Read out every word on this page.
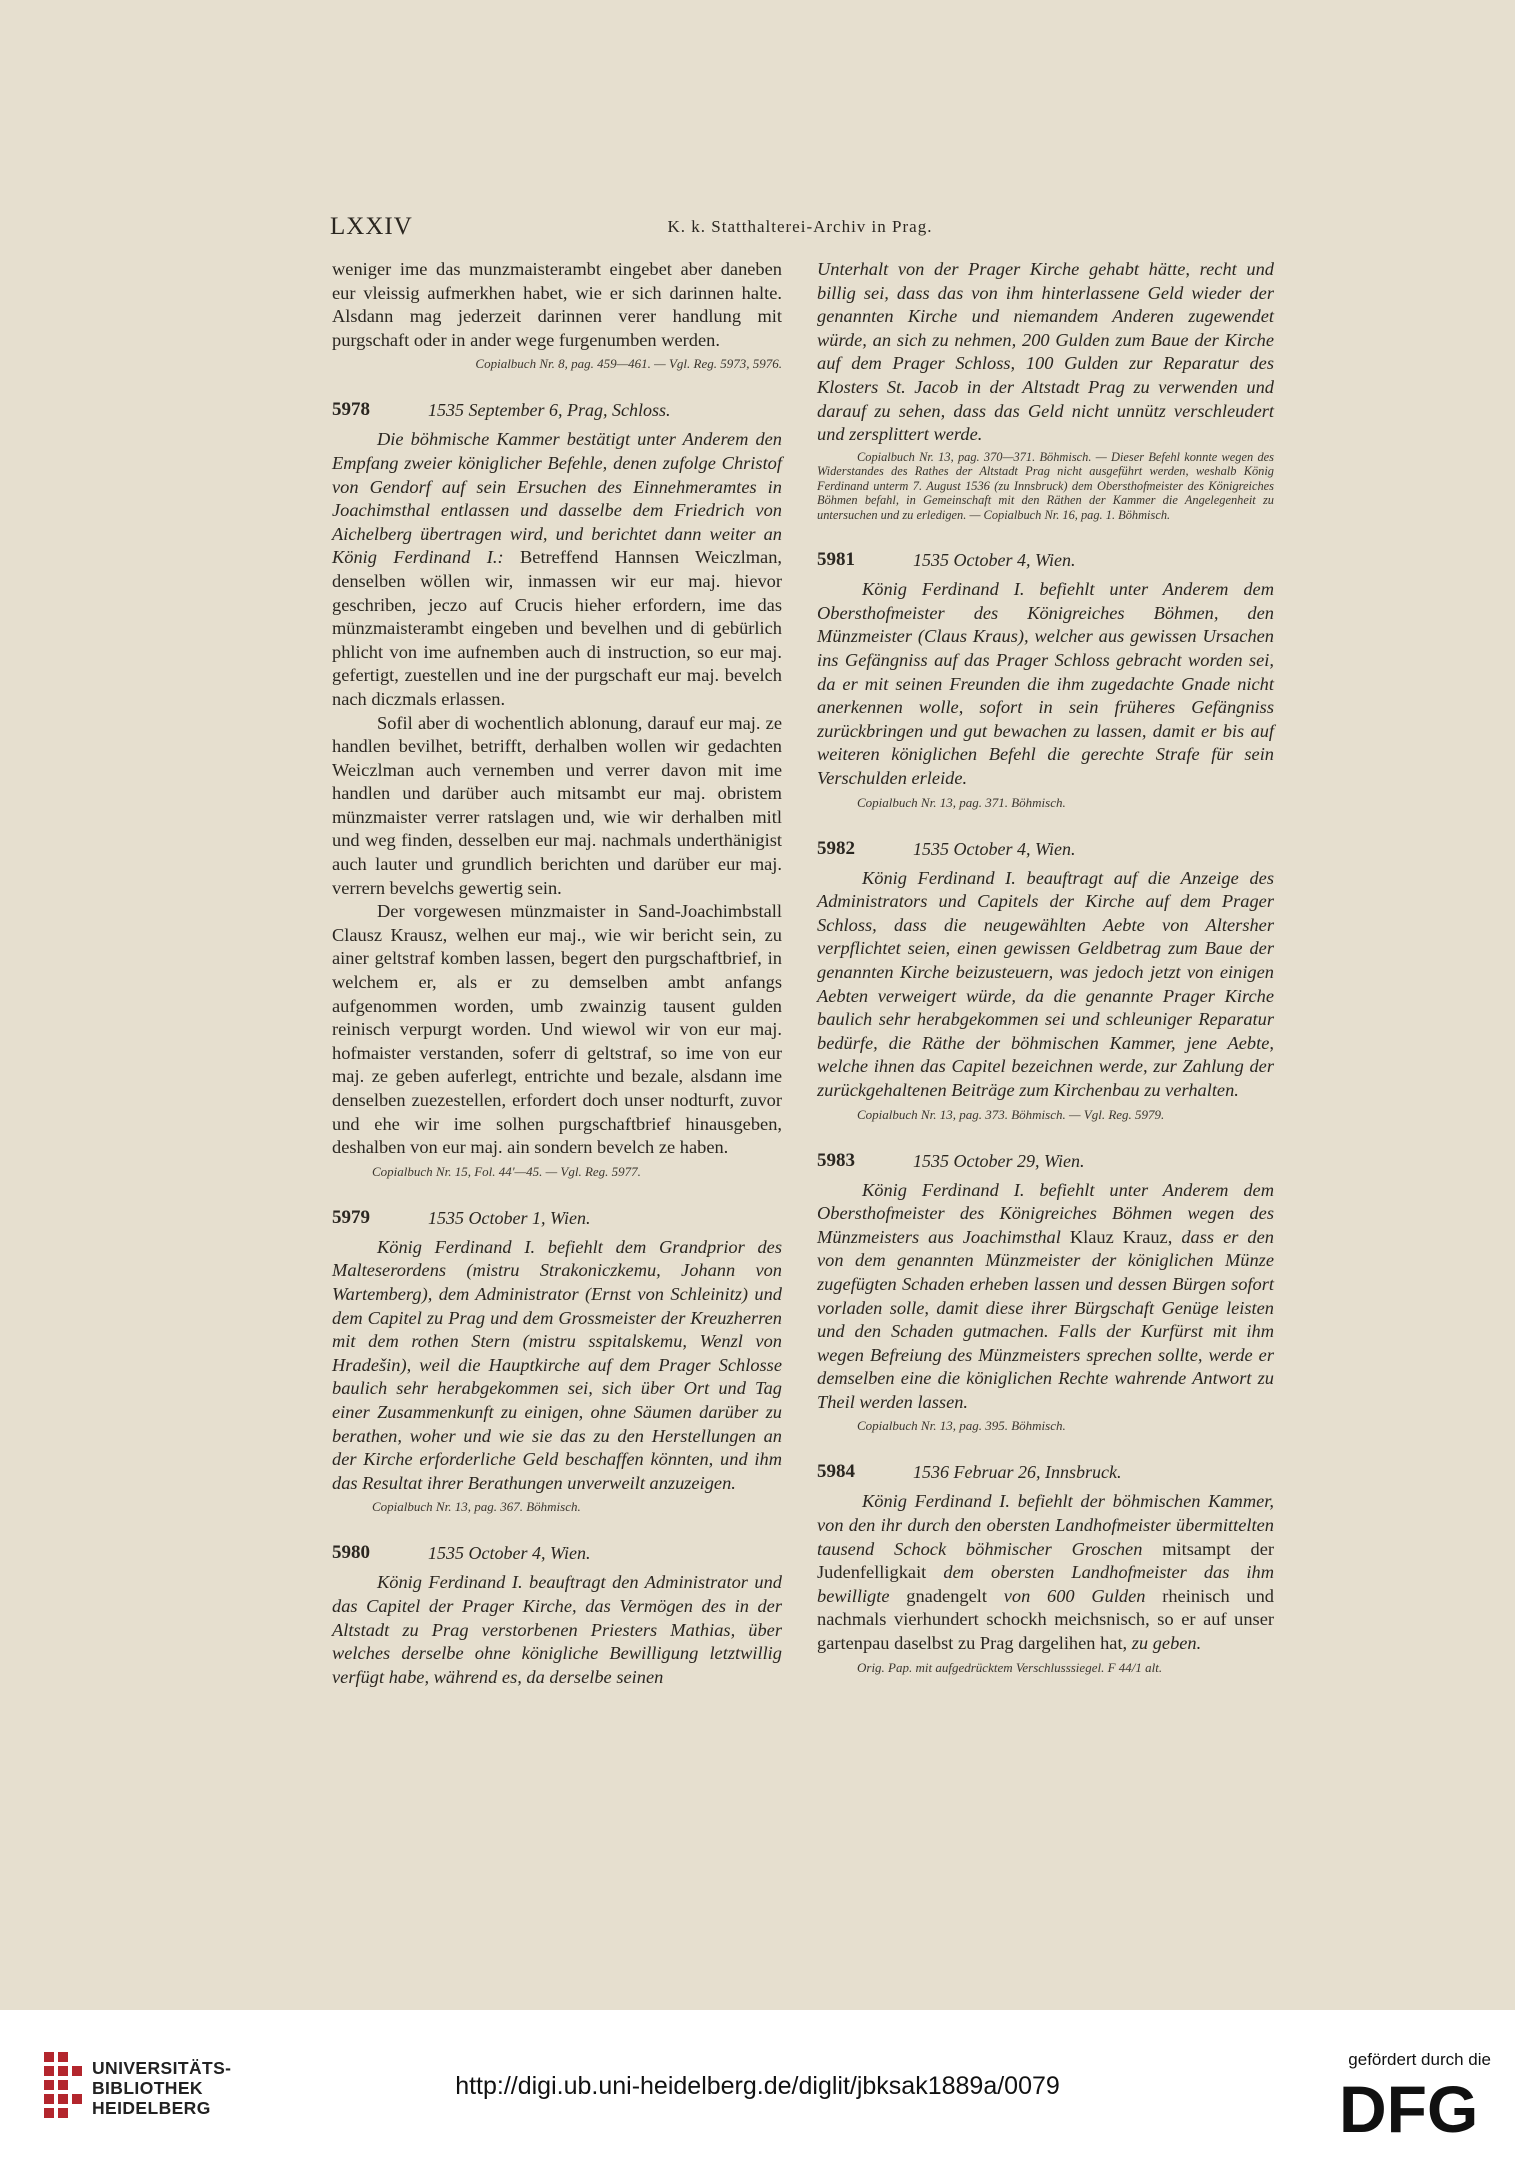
LXXIV	K. k. Statthalterei-Archiv in Prag.

weniger ime das munzmaisterambt eingebet aber daneben eur vleissig aufmerkhen habet, wie er sich darinnen halte. Alsdann mag jederzeit darinnen verer handlung mit purgschaft oder in ander wege furgenumben werden.

Copialbuch Nr. 8, pag. 459—461. — Vgl. Reg. 5973, 5976.

5978	1535 September 6, Prag, Schloss.

Die böhmische Kammer bestätigt unter Anderem den Empfang zweier königlicher Befehle, denen zufolge Christof von Gendorf auf sein Ersuchen des Einnehmeramtes in Joachimsthal entlassen und dasselbe dem Friedrich von Aichelberg übertragen wird, und berichtet dann weiter an König Ferdinand I.: Betreffend Hannsen Weiczlman, denselben wöllen wir, inmassen wir eur maj. hievor geschriben, jeczo auf Crucis hieher erfordern, ime das münzmaisterambt eingeben und bevelhen und di gebürlich phlicht von ime aufnemben auch di instruction, so eur maj. gefertigt, zuestellen und ine der purgschaft eur maj. bevelch nach diczmals erlassen.

Sofil aber di wochentlich ablonung, darauf eur maj. ze handlen bevilhet, betrifft, derhalben wollen wir gedachten Weiczlman auch vernemben und verrer davon mit ime handlen und darüber auch mitsambt eur maj. obristem münzmaister verrer ratslagen und, wie wir derhalben mitl und weg finden, desselben eur maj. nachmals underthänigist auch lauter und grundlich berichten und darüber eur maj. verrern bevelchs gewertig sein.

Der vorgewesen münzmaister in Sand-Joachimbstall Clausz Krausz, welhen eur maj., wie wir bericht sein, zu ainer geltstraf komben lassen, begert den purgschaftbrief, in welchem er, als er zu demselben ambt anfangs aufgenommen worden, umb zwainzig tausent gulden reinisch verpurgt worden. Und wiewol wir von eur maj. hofmaister verstanden, soferr di geltstraf, so ime von eur maj. ze geben auferlegt, entrichte und bezale, alsdann ime denselben zuezestellen, erfordert doch unser nodturft, zuvor und ehe wir ime solhen purgschaftbrief hinausgeben, deshalben von eur maj. ain sondern bevelch ze haben.

Copialbuch Nr. 15, Fol. 44'—45. — Vgl. Reg. 5977.

5979	1535 October 1, Wien.

König Ferdinand I. befiehlt dem Grandprior des Malteserordens (mistru Strakoniczkemu, Johann von Wartemberg), dem Administrator (Ernst von Schleinitz) und dem Capitel zu Prag und dem Grossmeister der Kreuzherren mit dem rothen Stern (mistru sspitalskemu, Wenzl von Hradešin), weil die Hauptkirche auf dem Prager Schlosse baulich sehr herabgekommen sei, sich über Ort und Tag einer Zusammenkunft zu einigen, ohne Säumen darüber zu berathen, woher und wie sie das zu den Herstellungen an der Kirche erforderliche Geld beschaffen könnten, und ihm das Resultat ihrer Berathungen unverweilt anzuzeigen.

Copialbuch Nr. 13, pag. 367. Böhmisch.

5980	1535 October 4, Wien.

König Ferdinand I. beauftragt den Administrator und das Capitel der Prager Kirche, das Vermögen des in der Altstadt zu Prag verstorbenen Priesters Mathias, über welches derselbe ohne königliche Bewilligung letztwillig verfügt habe, während es, da derselbe seinen

Unterhalt von der Prager Kirche gehabt hätte, recht und billig sei, dass das von ihm hinterlassene Geld wieder der genannten Kirche und niemandem Anderen zugewendet würde, an sich zu nehmen, 200 Gulden zum Baue der Kirche auf dem Prager Schloss, 100 Gulden zur Reparatur des Klosters St. Jacob in der Altstadt Prag zu verwenden und darauf zu sehen, dass das Geld nicht unnütz verschleudert und zersplittert werde.

Copialbuch Nr. 13, pag. 370—371. Böhmisch. — Dieser Befehl konnte wegen des Widerstandes des Rathes der Altstadt Prag nicht ausgeführt werden, weshalb König Ferdinand unterm 7. August 1536 (zu Innsbruck) dem Obersthofmeister des Königreiches Böhmen befahl, in Gemeinschaft mit den Räthen der Kammer die Angelegenheit zu untersuchen und zu erledigen. — Copialbuch Nr. 16, pag. 1. Böhmisch.

5981	1535 October 4, Wien.

König Ferdinand I. befiehlt unter Anderem dem Obersthofmeister des Königreiches Böhmen, den Münzmeister (Claus Kraus), welcher aus gewissen Ursachen ins Gefängniss auf das Prager Schloss gebracht worden sei, da er mit seinen Freunden die ihm zugedachte Gnade nicht anerkennen wolle, sofort in sein früheres Gefängniss zurückbringen und gut bewachen zu lassen, damit er bis auf weiteren königlichen Befehl die gerechte Strafe für sein Verschulden erleide.

Copialbuch Nr. 13, pag. 371. Böhmisch.

5982	1535 October 4, Wien.

König Ferdinand I. beauftragt auf die Anzeige des Administrators und Capitels der Kirche auf dem Prager Schloss, dass die neugewählten Aebte von Altersher verpflichtet seien, einen gewissen Geldbetrag zum Baue der genannten Kirche beizusteuern, was jedoch jetzt von einigen Aebten verweigert würde, da die genannte Prager Kirche baulich sehr herabgekommen sei und schleuniger Reparatur bedürfe, die Räthe der böhmischen Kammer, jene Aebte, welche ihnen das Capitel bezeichnen werde, zur Zahlung der zurückgehaltenen Beiträge zum Kirchenbau zu verhalten.

Copialbuch Nr. 13, pag. 373. Böhmisch. — Vgl. Reg. 5979.

5983	1535 October 29, Wien.

König Ferdinand I. befiehlt unter Anderem dem Obersthofmeister des Königreiches Böhmen wegen des Münzmeisters aus Joachimsthal Klauz Krauz, dass er den von dem genannten Münzmeister der königlichen Münze zugefügten Schaden erheben lassen und dessen Bürgen sofort vorladen solle, damit diese ihrer Bürgschaft Genüge leisten und den Schaden gutmachen. Falls der Kurfürst mit ihm wegen Befreiung des Münzmeisters sprechen sollte, werde er demselben eine die königlichen Rechte wahrende Antwort zu Theil werden lassen.

Copialbuch Nr. 13, pag. 395. Böhmisch.

5984	1536 Februar 26, Innsbruck.

König Ferdinand I. befiehlt der böhmischen Kammer, von den ihr durch den obersten Landhofmeister übermittelten tausend Schock böhmischer Groschen mitsampt der Judenfelligkait dem obersten Landhofmeister das ihm bewilligte gnadengelt von 600 Gulden rheinisch und nachmals vierhundert schockh meichsnisch, so er auf unser gartenpau daselbst zu Prag dargelihen hat, zu geben.

Orig. Pap. mit aufgedrücktem Verschlusssiegel. F 44/1 alt.

UNIVERSITÄTS-
BIBLIOTHEK
HEIDELBERG
http://digi.ub.uni-heidelberg.de/diglit/jbksak1889a/0079
gefördert durch die
DFG
